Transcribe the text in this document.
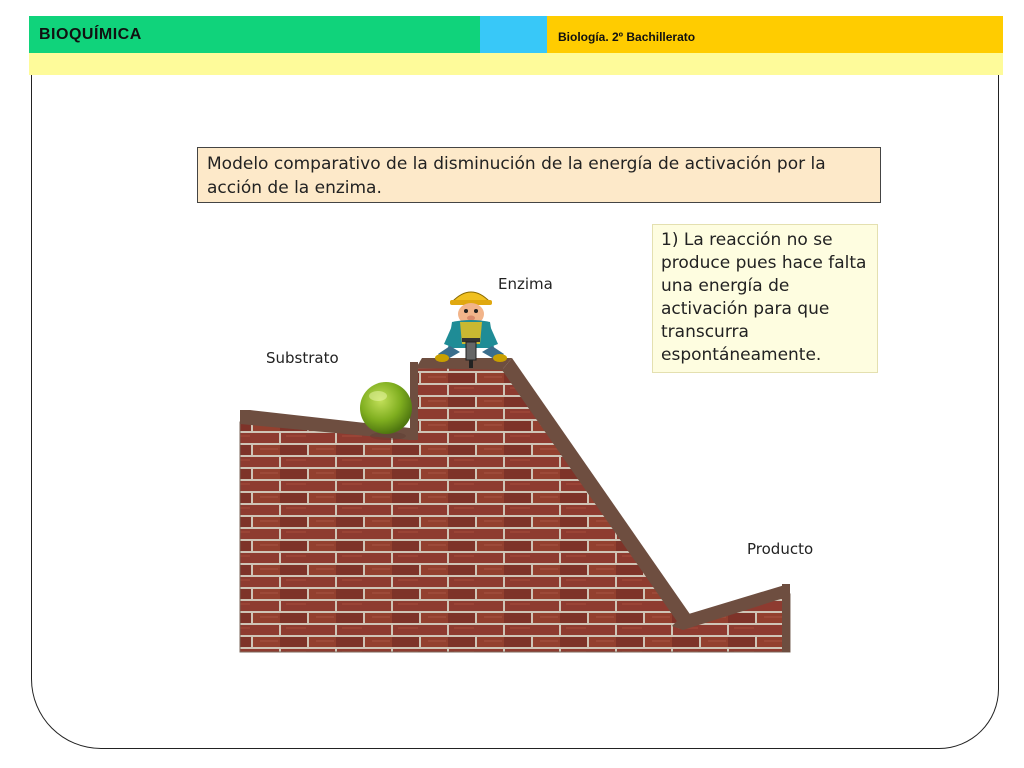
BIOQUÍMICA	Biología. 2º Bachillerato
Modelo comparativo de la disminución de la energía de activación por la acción de la enzima.
Enzima
Substrato
Producto
1) La reacción no se produce pues hace falta una energía de activación para que transcurra espontáneamente.
